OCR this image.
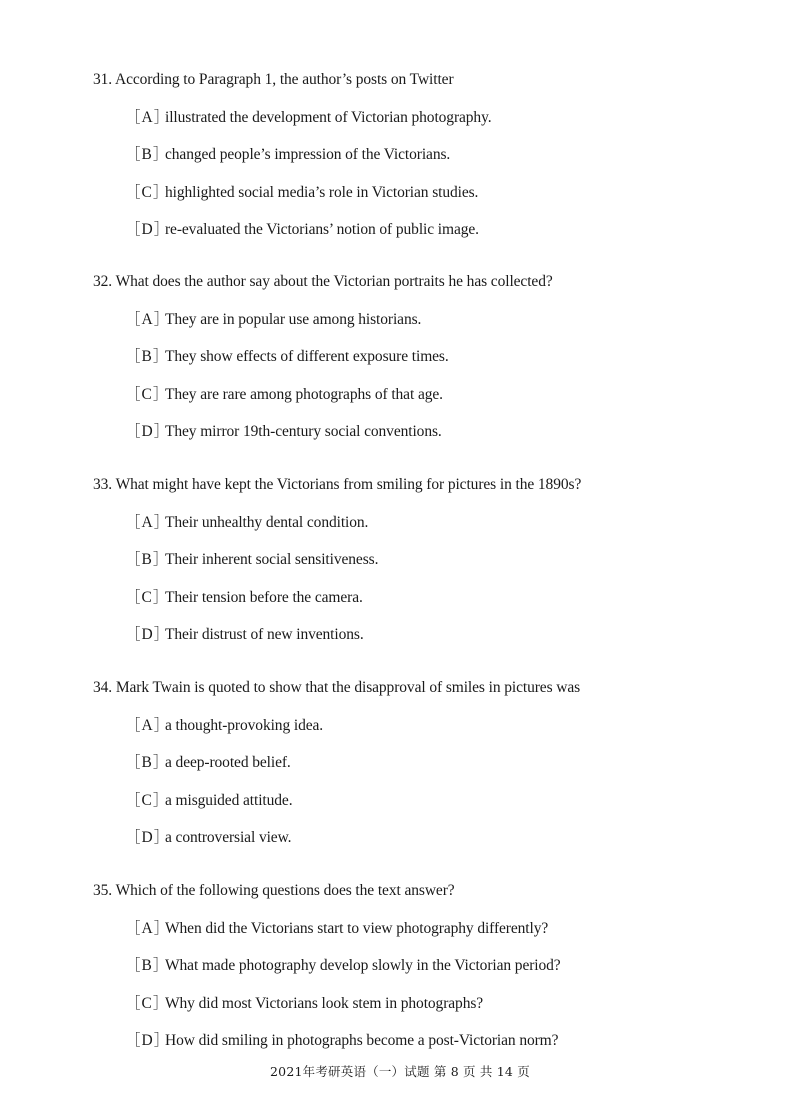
31. According to Paragraph 1, the author’s posts on Twitter
［A］
illustrated the development of Victorian photography.
［B］
changed people’s impression of the Victorians.
［C］
highlighted social media’s role in Victorian studies.
［D］
re-evaluated the Victorians’ notion of public image.
32. What does the author say about the Victorian portraits he has collected?
［A］
They are in popular use among historians.
［B］
They show effects of different exposure times.
［C］
They are rare among photographs of that age.
［D］
They mirror 19th-century social conventions.
33. What might have kept the Victorians from smiling for pictures in the 1890s?
［A］
Their unhealthy dental condition.
［B］
Their inherent social sensitiveness.
［C］
Their tension before the camera.
［D］
Their distrust of new inventions.
34. Mark Twain is quoted to show that the disapproval of smiles in pictures was
［A］
a thought-provoking idea.
［B］
a deep-rooted belief.
［C］
a misguided attitude.
［D］
a controversial view.
35. Which of the following questions does the text answer?
［A］
When did the Victorians start to view photography differently?
［B］
What made photography develop slowly in the Victorian period?
［C］
Why did most Victorians look stem in photographs?
［D］
How did smiling in photographs become a post-Victorian norm?
2021年考研英语（一）试题 第 8 页 共 14 页
